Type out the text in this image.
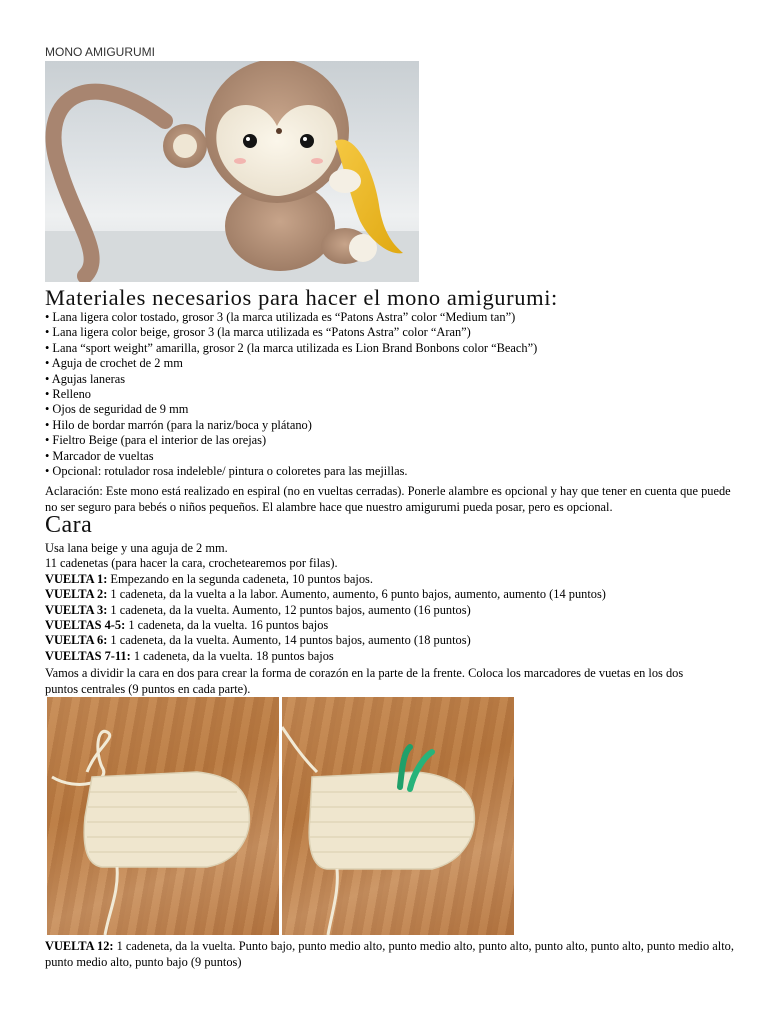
MONO AMIGURUMI
Materiales necesarios para hacer el mono amigurumi:
• Lana ligera color tostado, grosor 3 (la marca utilizada es “Patons Astra” color “Medium tan”)
• Lana ligera color beige, grosor 3 (la marca utilizada es “Patons Astra” color “Aran”)
• Lana “sport weight” amarilla, grosor 2 (la marca utilizada es Lion Brand Bonbons color “Beach”)
• Aguja de crochet de 2 mm
• Agujas laneras
• Relleno
• Ojos de seguridad de 9 mm
• Hilo de bordar marrón (para la nariz/boca y plátano)
• Fieltro Beige (para el interior de las orejas)
• Marcador de vueltas
• Opcional: rotulador rosa indeleble/ pintura o coloretes para las mejillas.

Aclaración: Este mono está realizado en espiral (no en vueltas cerradas). Ponerle alambre es opcional y hay que tener en cuenta que puede no ser seguro para bebés o niños pequeños. El alambre hace que nuestro amigurumi pueda posar, pero es opcional.

Cara
Usa lana beige y una aguja de 2 mm.
11 cadenetas (para hacer la cara, crochetearemos por filas).
VUELTA 1: Empezando en la segunda cadeneta, 10 puntos bajos.
VUELTA 2: 1 cadeneta, da la vuelta a la labor. Aumento, aumento, 6 punto bajos, aumento, aumento (14 puntos)
VUELTA 3: 1 cadeneta, da la vuelta. Aumento, 12 puntos bajos, aumento (16 puntos)
VUELTAS 4-5: 1 cadeneta, da la vuelta. 16 puntos bajos
VUELTA 6: 1 cadeneta, da la vuelta. Aumento, 14 puntos bajos, aumento (18 puntos)
VUELTAS 7-11: 1 cadeneta, da la vuelta. 18 puntos bajos

Vamos a dividir la cara en dos para crear la forma de corazón en la parte de la frente. Coloca los marcadores de vuetas en los dos puntos centrales (9 puntos en cada parte).

VUELTA 12: 1 cadeneta, da la vuelta. Punto bajo, punto medio alto, punto medio alto, punto alto, punto alto, punto alto, punto medio alto, punto medio alto, punto bajo (9 puntos)
